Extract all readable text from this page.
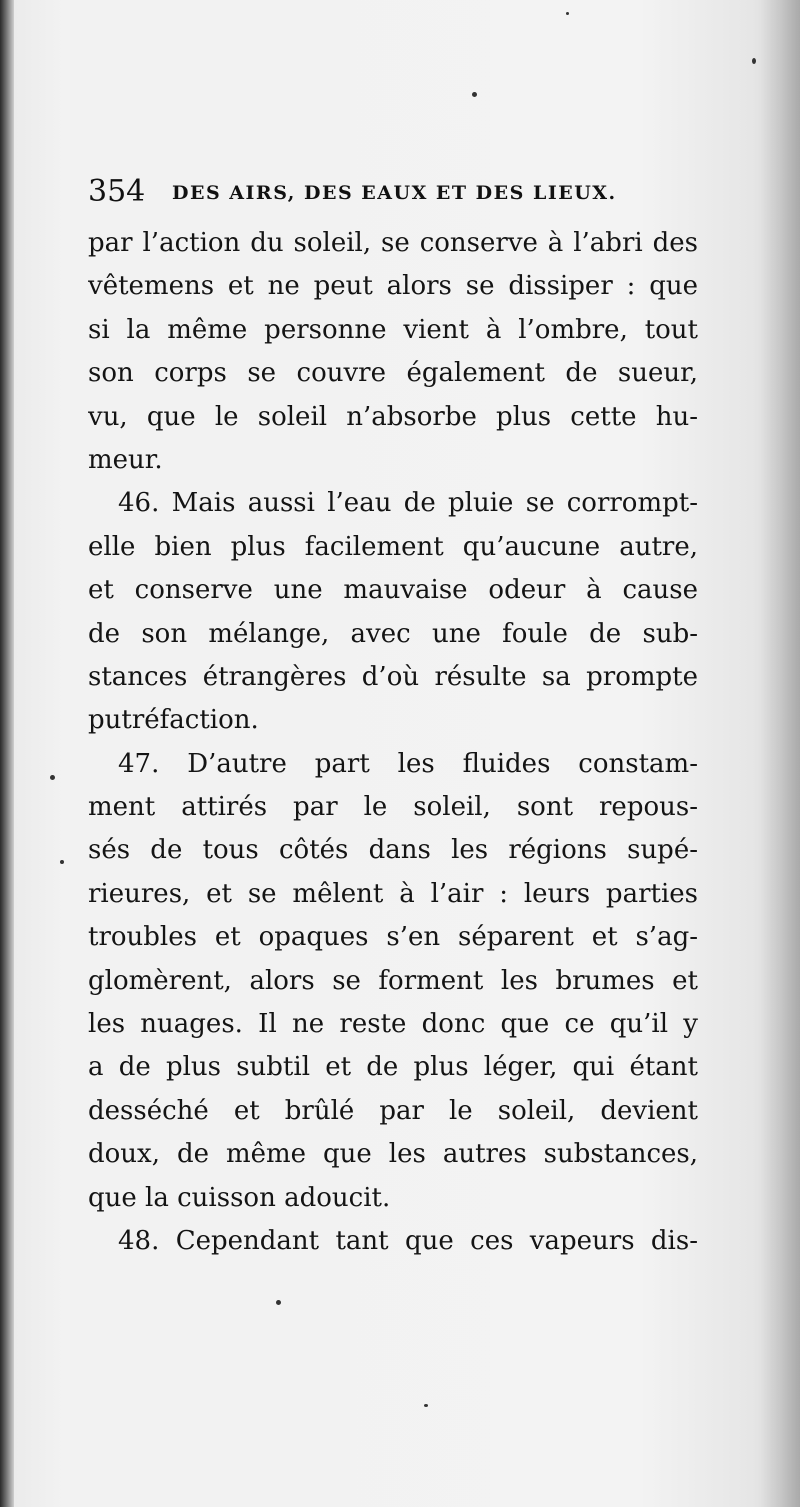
354 DES AIRS, DES EAUX ET DES LIEUX.
par l’action du soleil, se conserve à l’abri des
vêtemens et ne peut alors se dissiper : que
si la même personne vient à l’ombre, tout
son corps se couvre également de sueur,
vu, que le soleil n’absorbe plus cette hu-
meur.
46. Mais aussi l’eau de pluie se corrompt-
elle bien plus facilement qu’aucune autre,
et conserve une mauvaise odeur à cause
de son mélange, avec une foule de sub-
stances étrangères d’où résulte sa prompte
putréfaction.
47. D’autre part les fluides constam-
ment attirés par le soleil, sont repous-
sés de tous côtés dans les régions supé-
rieures, et se mêlent à l’air : leurs parties
troubles et opaques s’en séparent et s’ag-
glomèrent, alors se forment les brumes et
les nuages. Il ne reste donc que ce qu’il y
a de plus subtil et de plus léger, qui étant
desséché et brûlé par le soleil, devient
doux, de même que les autres substances,
que la cuisson adoucit.
48. Cependant tant que ces vapeurs dis-
